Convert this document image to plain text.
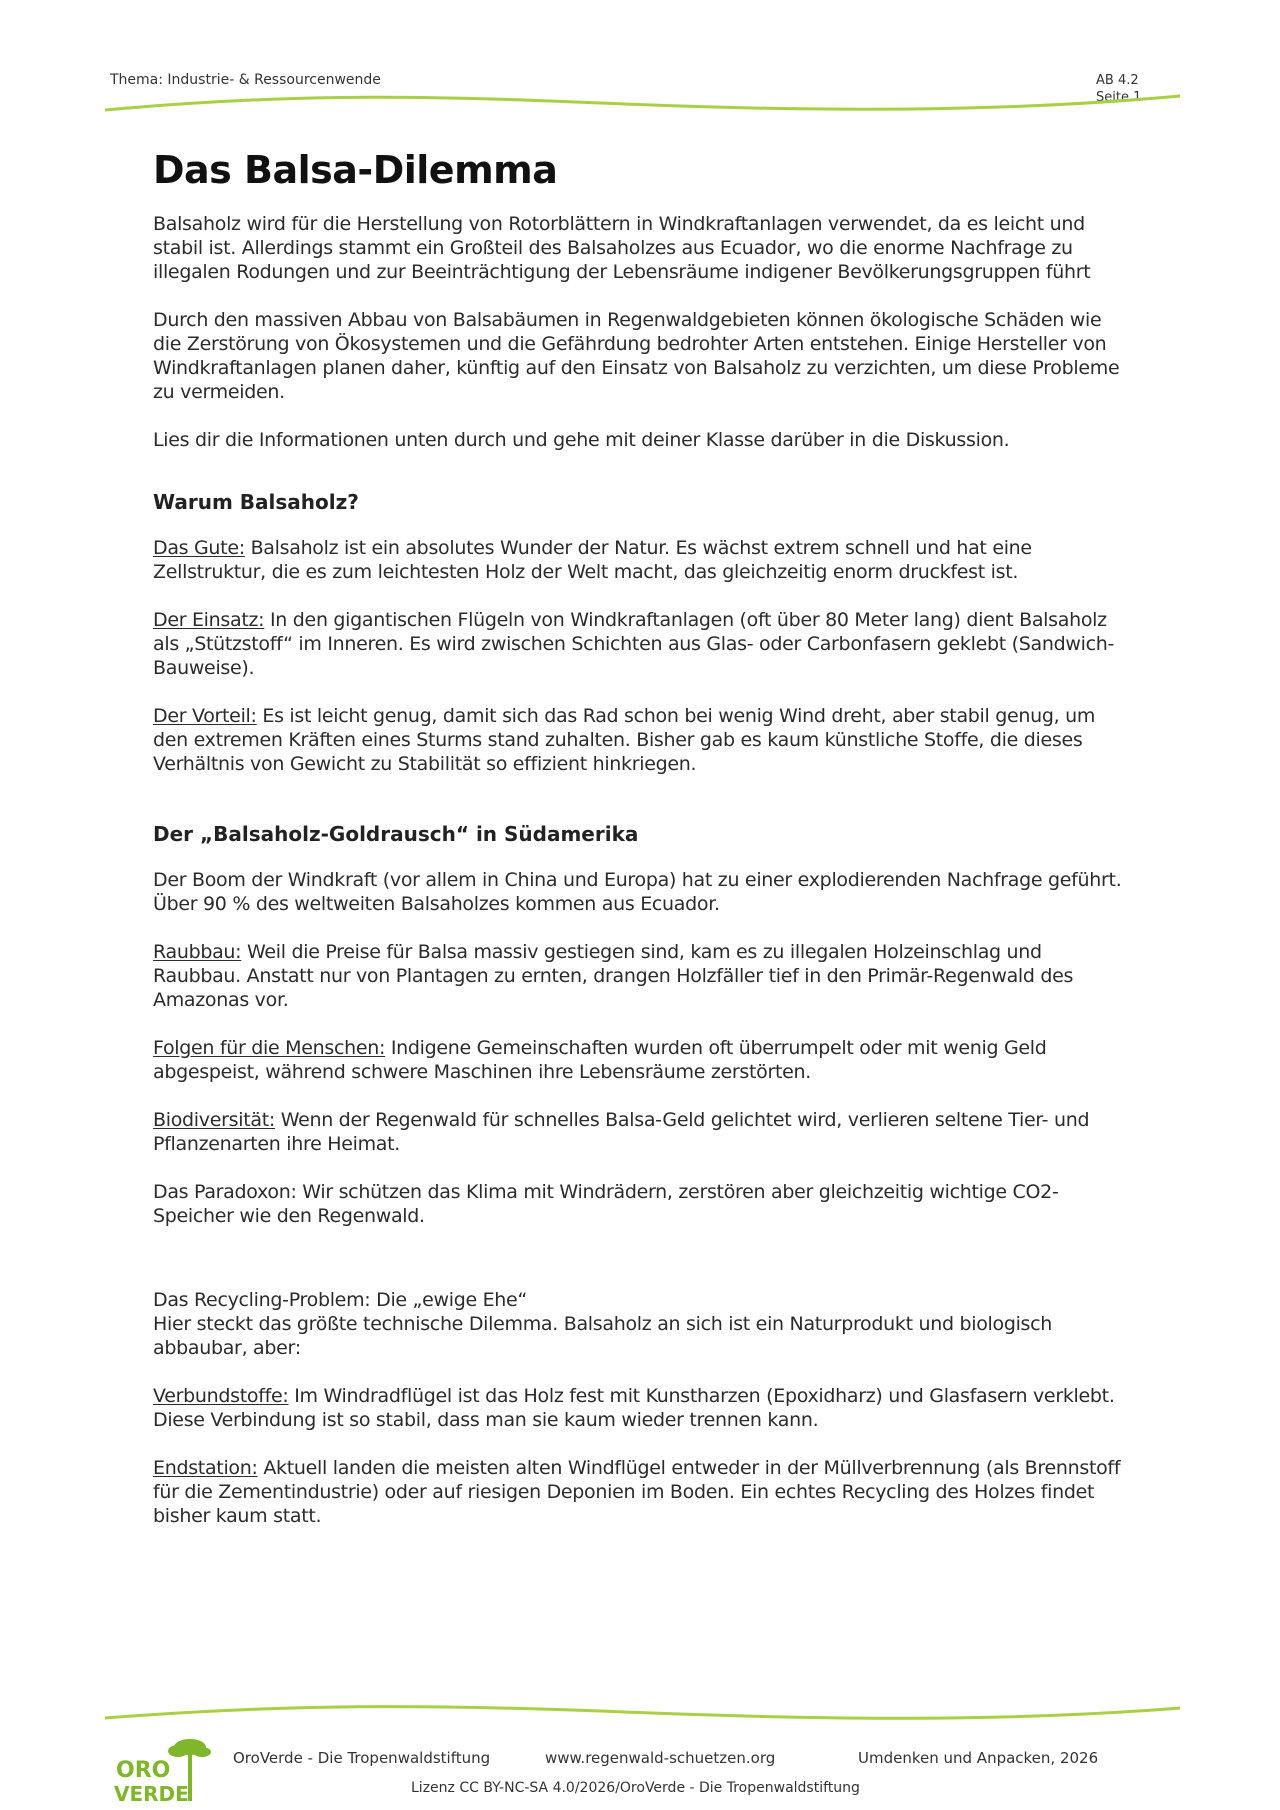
Thema: Industrie- & Ressourcenwende	AB 4.2
Seite 1
Das Balsa-Dilemma

Balsaholz wird für die Herstellung von Rotorblättern in Windkraftanlagen verwendet, da es leicht und stabil ist. Allerdings stammt ein Großteil des Balsaholzes aus Ecuador, wo die enorme Nachfrage zu illegalen Rodungen und zur Beeinträchtigung der Lebensräume indigener Bevölkerungsgruppen führt

Durch den massiven Abbau von Balsabäumen in Regenwaldgebieten können ökologische Schäden wie die Zerstörung von Ökosystemen und die Gefährdung bedrohter Arten entstehen. Einige Hersteller von Windkraftanlagen planen daher, künftig auf den Einsatz von Balsaholz zu verzichten, um diese Probleme zu vermeiden.

Lies dir die Informationen unten durch und gehe mit deiner Klasse darüber in die Diskussion.

Warum Balsaholz?

Das Gute: Balsaholz ist ein absolutes Wunder der Natur. Es wächst extrem schnell und hat eine Zellstruktur, die es zum leichtesten Holz der Welt macht, das gleichzeitig enorm druckfest ist.

Der Einsatz: In den gigantischen Flügeln von Windkraftanlagen (oft über 80 Meter lang) dient Balsaholz als „Stützstoff“ im Inneren. Es wird zwischen Schichten aus Glas- oder Carbonfasern geklebt (Sandwich-Bauweise).

Der Vorteil: Es ist leicht genug, damit sich das Rad schon bei wenig Wind dreht, aber stabil genug, um den extremen Kräften eines Sturms stand zuhalten. Bisher gab es kaum künstliche Stoffe, die dieses Verhältnis von Gewicht zu Stabilität so effizient hinkriegen.

Der „Balsaholz-Goldrausch“ in Südamerika

Der Boom der Windkraft (vor allem in China und Europa) hat zu einer explodierenden Nachfrage geführt. Über 90 % des weltweiten Balsaholzes kommen aus Ecuador.

Raubbau: Weil die Preise für Balsa massiv gestiegen sind, kam es zu illegalen Holzeinschlag und Raubbau. Anstatt nur von Plantagen zu ernten, drangen Holzfäller tief in den Primär-Regenwald des Amazonas vor.

Folgen für die Menschen: Indigene Gemeinschaften wurden oft überrumpelt oder mit wenig Geld abgespeist, während schwere Maschinen ihre Lebensräume zerstörten.

Biodiversität: Wenn der Regenwald für schnelles Balsa-Geld gelichtet wird, verlieren seltene Tier- und Pflanzenarten ihre Heimat.

Das Paradoxon: Wir schützen das Klima mit Windrädern, zerstören aber gleichzeitig wichtige CO2-Speicher wie den Regenwald.

Das Recycling-Problem: Die „ewige Ehe“

Hier steckt das größte technische Dilemma. Balsaholz an sich ist ein Naturprodukt und biologisch abbaubar, aber:

Verbundstoffe: Im Windradflügel ist das Holz fest mit Kunstharzen (Epoxidharz) und Glasfasern verklebt. Diese Verbindung ist so stabil, dass man sie kaum wieder trennen kann.

Endstation: Aktuell landen die meisten alten Windflügel entweder in der Müllverbrennung (als Brennstoff für die Zementindustrie) oder auf riesigen Deponien im Boden. Ein echtes Recycling des Holzes findet bisher kaum statt.

ORO
VERDE
OroVerde - Die Tropenwaldstiftung	www.regenwald-schuetzen.org	Umdenken und Anpacken, 2026
Lizenz CC BY-NC-SA 4.0/2026/OroVerde - Die Tropenwaldstiftung
